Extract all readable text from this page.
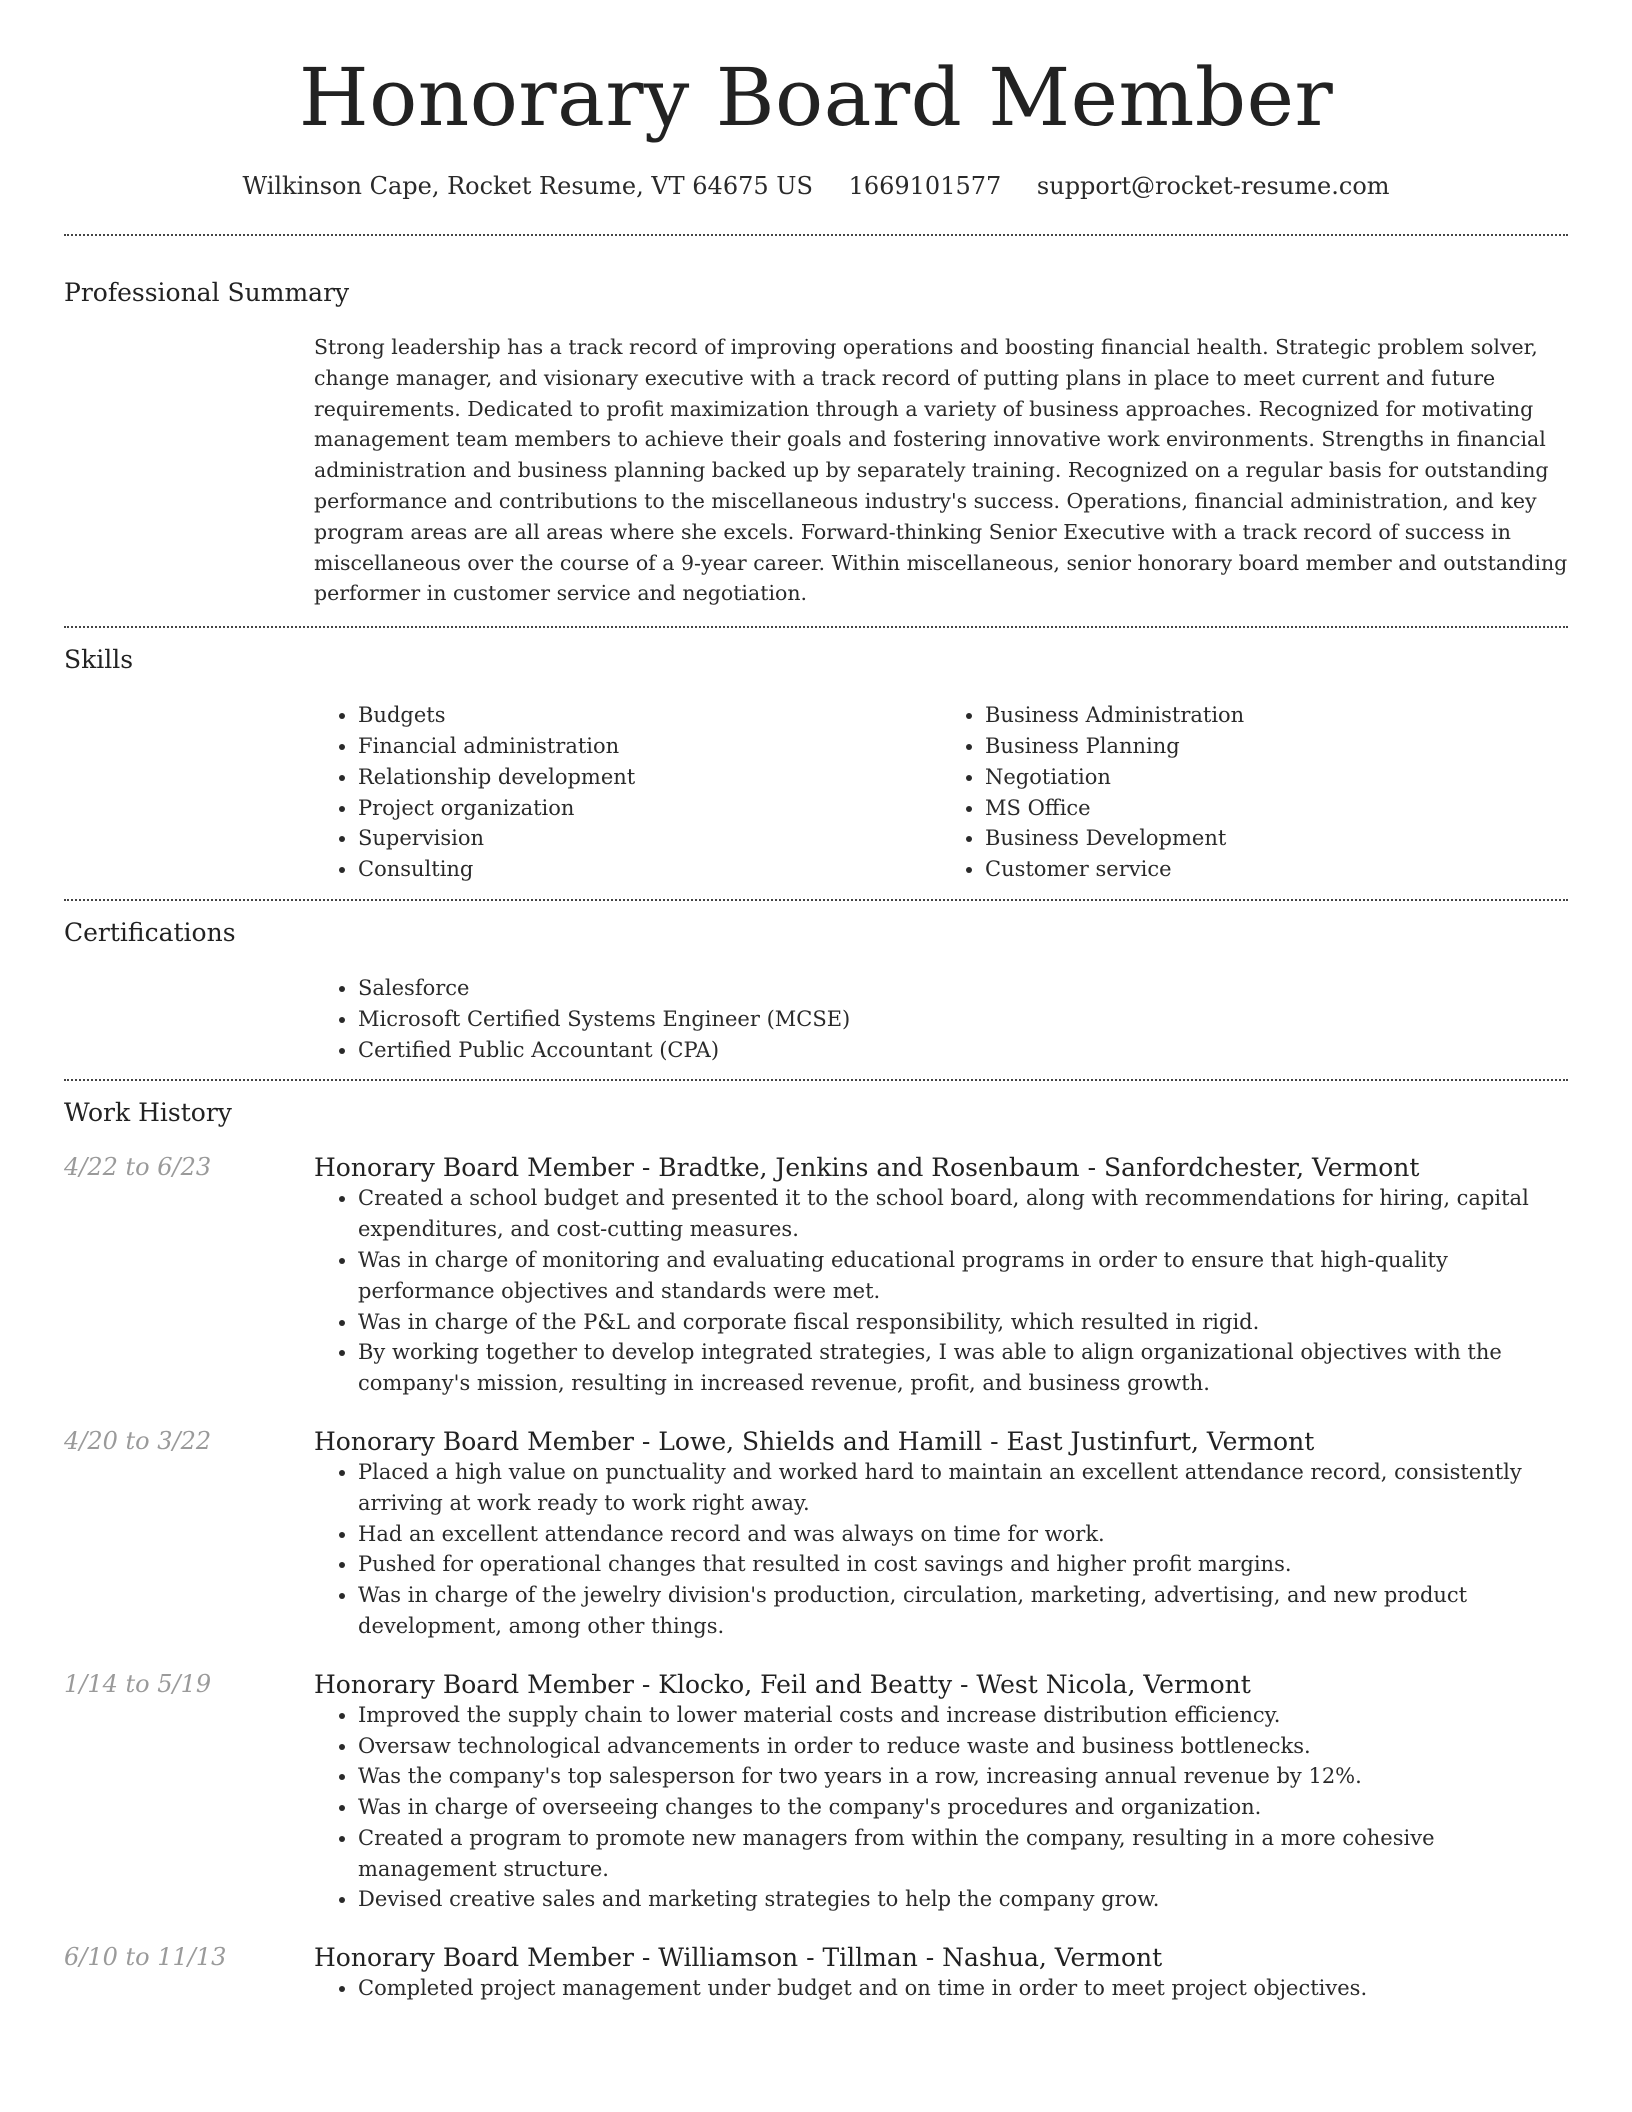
Honorary Board Member
Wilkinson Cape, Rocket Resume, VT 64675 US 1669101577 support@rocket-resume.com
Professional Summary
Strong leadership has a track record of improving operations and boosting financial health. Strategic problem solver, change manager, and visionary executive with a track record of putting plans in place to meet current and future requirements. Dedicated to profit maximization through a variety of business approaches. Recognized for motivating management team members to achieve their goals and fostering innovative work environments. Strengths in financial administration and business planning backed up by separately training. Recognized on a regular basis for outstanding performance and contributions to the miscellaneous industry's success. Operations, financial administration, and key program areas are all areas where she excels. Forward-thinking Senior Executive with a track record of success in miscellaneous over the course of a 9-year career. Within miscellaneous, senior honorary board member and outstanding performer in customer service and negotiation.
Skills
• Budgets
• Financial administration
• Relationship development
• Project organization
• Supervision
• Consulting
• Business Administration
• Business Planning
• Negotiation
• MS Office
• Business Development
• Customer service
Certifications
• Salesforce
• Microsoft Certified Systems Engineer (MCSE)
• Certified Public Accountant (CPA)
Work History
4/22 to 6/23	Honorary Board Member - Bradtke, Jenkins and Rosenbaum - Sanfordchester, Vermont
• Created a school budget and presented it to the school board, along with recommendations for hiring, capital expenditures, and cost-cutting measures.
• Was in charge of monitoring and evaluating educational programs in order to ensure that high-quality performance objectives and standards were met.
• Was in charge of the P&L and corporate fiscal responsibility, which resulted in rigid.
• By working together to develop integrated strategies, I was able to align organizational objectives with the company's mission, resulting in increased revenue, profit, and business growth.
4/20 to 3/22	Honorary Board Member - Lowe, Shields and Hamill - East Justinfurt, Vermont
• Placed a high value on punctuality and worked hard to maintain an excellent attendance record, consistently arriving at work ready to work right away.
• Had an excellent attendance record and was always on time for work.
• Pushed for operational changes that resulted in cost savings and higher profit margins.
• Was in charge of the jewelry division's production, circulation, marketing, advertising, and new product development, among other things.
1/14 to 5/19	Honorary Board Member - Klocko, Feil and Beatty - West Nicola, Vermont
• Improved the supply chain to lower material costs and increase distribution efficiency.
• Oversaw technological advancements in order to reduce waste and business bottlenecks.
• Was the company's top salesperson for two years in a row, increasing annual revenue by 12%.
• Was in charge of overseeing changes to the company's procedures and organization.
• Created a program to promote new managers from within the company, resulting in a more cohesive management structure.
• Devised creative sales and marketing strategies to help the company grow.
6/10 to 11/13	Honorary Board Member - Williamson - Tillman - Nashua, Vermont
• Completed project management under budget and on time in order to meet project objectives.
